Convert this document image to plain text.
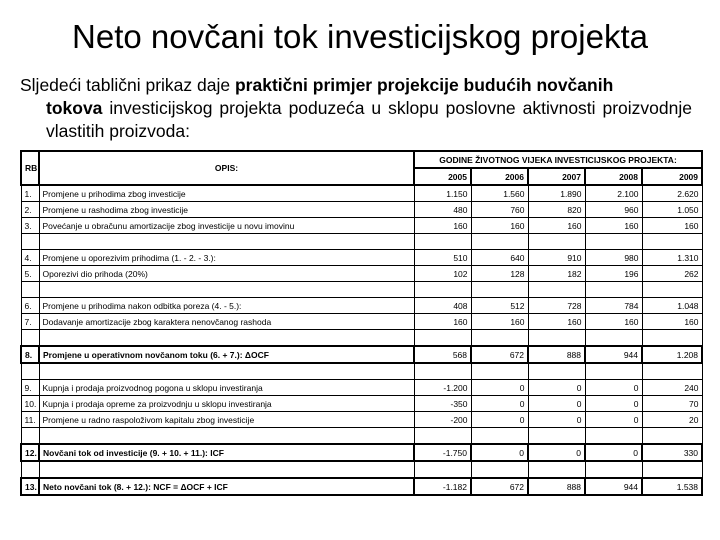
Neto novčani tok investicijskog projekta
Sljedeći tablični prikaz daje praktični primjer projekcije budućih novčanih
tokova investicijskog projekta poduzeća u sklopu poslovne aktivnosti proizvodnje vlastitih proizvoda:
RB	OPIS:	GODINE ŽIVOTNOG VIJEKA INVESTICIJSKOG PROJEKTA:				
		2005	2006	2007	2008	2009
1.	Promjene u prihodima zbog investicije	1.150	1.560	1.890	2.100	2.620
2.	Promjene u rashodima zbog investicije	480	760	820	960	1.050
3.	Povećanje u obračunu amortizacije zbog investicije u novu imovinu	160	160	160	160	160

4.	Promjene u oporezivim prihodima (1. - 2. - 3.):	510	640	910	980	1.310
5.	Oporezivi dio prihoda (20%)	102	128	182	196	262

6.	Promjene u prihodima nakon odbitka poreza (4. - 5.):	408	512	728	784	1.048
7.	Dodavanje amortizacije zbog karaktera nenovčanog rashoda	160	160	160	160	160

8.	Promjene u operativnom novčanom toku (6. + 7.): ΔOCF	568	672	888	944	1.208

9.	Kupnja i prodaja proizvodnog pogona u sklopu investiranja	-1.200	0	0	0	240
10.	Kupnja i prodaja opreme za proizvodnju u sklopu investiranja	-350	0	0	0	70
11.	Promjene u radno raspoloživom kapitalu zbog investicije	-200	0	0	0	20

12.	Novčani tok od investicije (9. + 10. + 11.): ICF	-1.750	0	0	0	330

13.	Neto novčani tok (8. + 12.): NCF = ΔOCF + ICF	-1.182	672	888	944	1.538
